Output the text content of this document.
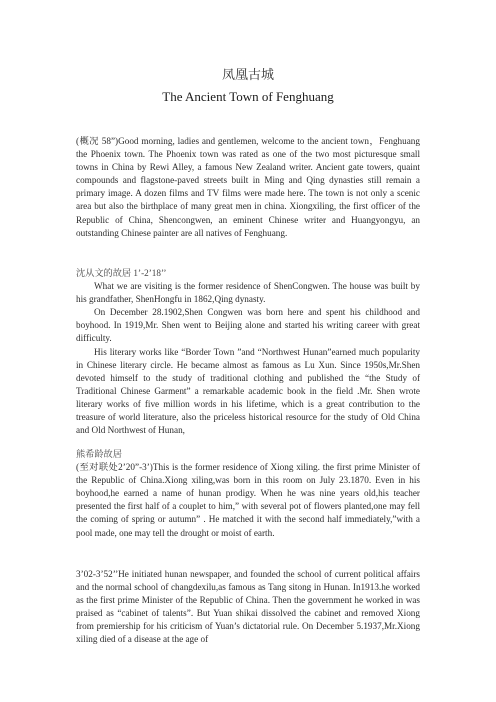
凤凰古城
The Ancient Town of Fenghuang

(概况 58”)Good morning, ladies and gentlemen, welcome to the ancient town，Fenghuang the Phoenix town. The Phoenix town was rated as one of the two most picturesque small towns in China by Rewi Alley, a famous New Zealand writer. Ancient gate towers, quaint compounds and flagstone-paved streets built in Ming and Qing dynasties still remain a primary image. A dozen films and TV films were made here. The town is not only a scenic area but also the birthplace of many great men in china. Xiongxiling, the first officer of the Republic of China, Shencongwen, an eminent Chinese writer and Huangyongyu, an outstanding Chinese painter are all natives of Fenghuang.

沈从文的故居 1’-2’18’’

What we are visiting is the former residence of ShenCongwen. The house was built by his grandfather, ShenHongfu in 1862,Qing dynasty.

On December 28.1902,Shen Congwen was born here and spent his childhood and boyhood. In 1919,Mr. Shen went to Beijing alone and started his writing career with great difficulty.

His literary works like “Border Town ”and “Northwest Hunan”earned much popularity in Chinese literary circle. He became almost as famous as Lu Xun. Since 1950s,Mr.Shen devoted himself to the study of traditional clothing and published the “the Study of Traditional Chinese Garment” a remarkable academic book in the field .Mr. Shen wrote literary works of five million words in his lifetime, which is a great contribution to the treasure of world literature, also the priceless historical resource for the study of Old China and Old Northwest of Hunan,

熊希龄故居

(至对联处2’20”-3’)This is the former residence of Xiong xiling. the first prime Minister of the Republic of China.Xiong xiling,was born in this room on July 23.1870. Even in his boyhood,he earned a name of hunan prodigy. When he was nine years old,his teacher presented the first half of a couplet to him,” with several pot of flowers planted,one may fell the coming of spring or autumn” . He matched it with the second half immediately,”with a pool made, one may tell the drought or moist of earth.

3’02-3’52’’He initiated hunan newspaper, and founded the school of current political affairs and the normal school of changdexilu,as famous as Tang sitong in Hunan. In1913.he worked as the first prime Minister of the Republic of China. Then the government he worked in was praised as “cabinet of talents”. But Yuan shikai dissolved the cabinet and removed Xiong from premiership for his criticism of Yuan’s dictatorial rule. On December 5.1937,Mr.Xiong xiling died of a disease at the age of
